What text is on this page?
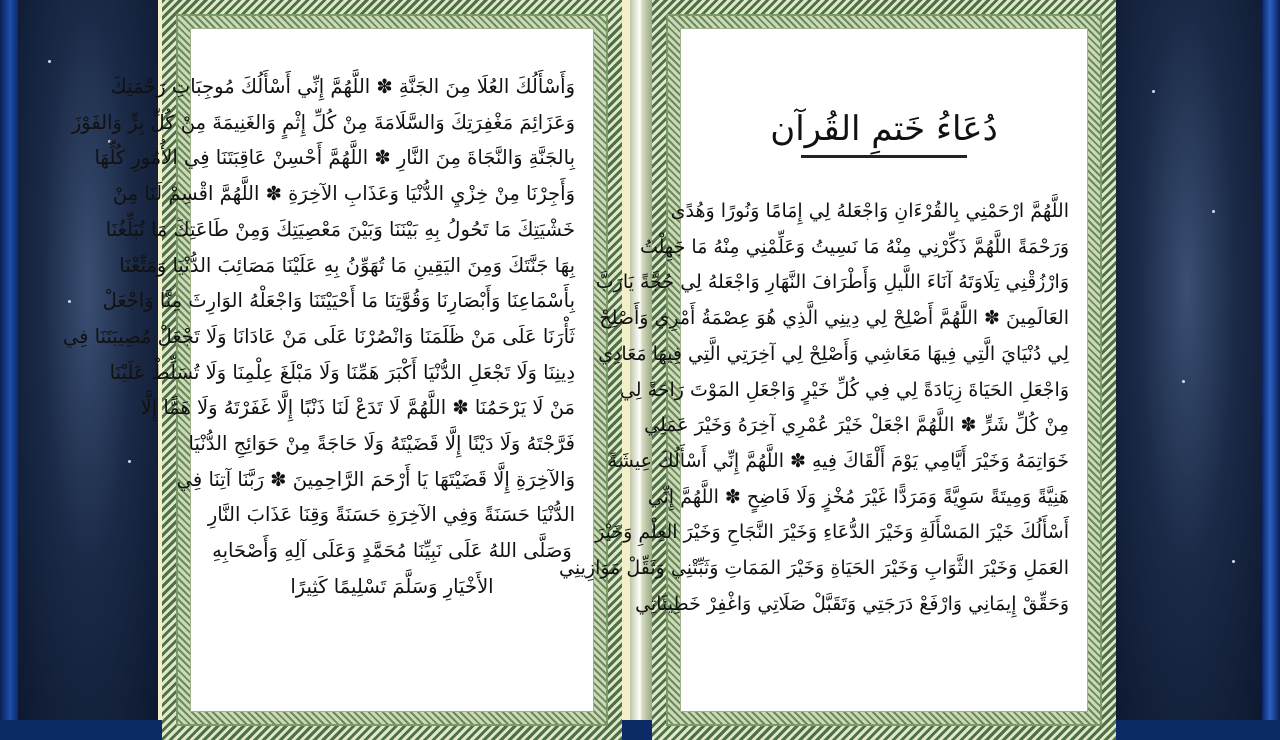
وَأَسْأَلُكَ العُلَا مِنَ الجَنَّةِ ✽ اللَّهُمَّ إِنِّي أَسْأَلُكَ مُوجِبَاتِ رَحْمَتِكَ
وَعَزَائِمَ مَغْفِرَتِكَ وَالسَّلَامَةَ مِنْ كُلِّ إِثْمٍ وَالغَنِيمَةَ مِنْ كُلِّ بِرٍّ وَالفَوْزَ
بِالجَنَّةِ وَالنَّجَاةَ مِنَ النَّارِ ✽ اللَّهُمَّ أَحْسِنْ عَاقِبَتَنَا فِي الأُمُورِ كُلِّهَا
وَأَجِرْنَا مِنْ خِزْيِ الدُّنْيَا وَعَذَابِ الآخِرَةِ ✽ اللَّهُمَّ اقْسِمْ لَنَا مِنْ
خَشْيَتِكَ مَا تَحُولُ بِهِ بَيْنَنَا وَبَيْنَ مَعْصِيَتِكَ وَمِنْ طَاعَتِكَ مَا تُبَلِّغُنَا
بِهَا جَنَّتَكَ وَمِنَ اليَقِينِ مَا تُهَوِّنُ بِهِ عَلَيْنَا مَصَائِبَ الدُّنْيَا وَمَتِّعْنَا
بِأَسْمَاعِنَا وَأَبْصَارِنَا وَقُوَّتِنَا مَا أَحْيَيْتَنَا وَاجْعَلْهُ الوَارِثَ مِنَّا وَاجْعَلْ
ثَأْرَنَا عَلَى مَنْ ظَلَمَنَا وَانْصُرْنَا عَلَى مَنْ عَادَانَا وَلَا تَجْعَلْ مُصِيبَتَنَا فِي
دِينِنَا وَلَا تَجْعَلِ الدُّنْيَا أَكْبَرَ هَمِّنَا وَلَا مَبْلَغَ عِلْمِنَا وَلَا تُسَلِّطْ عَلَيْنَا
مَنْ لَا يَرْحَمُنَا ✽ اللَّهُمَّ لَا تَدَعْ لَنَا ذَنْبًا إِلَّا غَفَرْتَهُ وَلَا هَمًّا إِلَّا
فَرَّجْتَهُ وَلَا دَيْنًا إِلَّا قَضَيْتَهُ وَلَا حَاجَةً مِنْ حَوَائِجِ الدُّنْيَا
وَالآخِرَةِ إِلَّا قَضَيْتَهَا يَا أَرْحَمَ الرَّاحِمِينَ ✽ رَبَّنَا آتِنَا فِي
الدُّنْيَا حَسَنَةً وَفِي الآخِرَةِ حَسَنَةً وَقِنَا عَذَابَ النَّارِ
وَصَلَّى اللهُ عَلَى نَبِيِّنَا مُحَمَّدٍ وَعَلَى آلِهِ وَأَصْحَابِهِ
الأَخْيَارِ وَسَلَّمَ تَسْلِيمًا كَثِيرًا
دُعَاءُ خَتمِ القُرآن
اللَّهُمَّ ارْحَمْنِي بِالقُرْءَانِ وَاجْعَلهُ لِي إِمَامًا وَنُورًا وَهُدًى
وَرَحْمَةً اللَّهُمَّ ذَكِّرْنِي مِنْهُ مَا نَسِيتُ وَعَلِّمْنِي مِنْهُ مَا جَهِلْتُ
وَارْزُقْنِي تِلَاوَتَهُ آنَاءَ اللَّيلِ وَأَطْرَافَ النَّهَارِ وَاجْعَلهُ لِي حُجَّةً يَارَبَّ
العَالَمِينَ ✽ اللَّهُمَّ أَصْلِحْ لِي دِينِي الَّذِي هُوَ عِصْمَةُ أَمْرِي وَأَصْلِحْ
لِي دُنْيَايَ الَّتِي فِيهَا مَعَاشِي وَأَصْلِحْ لِي آخِرَتِي الَّتِي فِيهَا مَعَادِي
وَاجْعَلِ الحَيَاةَ زِيَادَةً لِي فِي كُلِّ خَيْرٍ وَاجْعَلِ المَوْتَ رَاحَةً لِي
مِنْ كُلِّ شَرٍّ ✽ اللَّهُمَّ اجْعَلْ خَيْرَ عُمْرِي آخِرَهُ وَخَيْرَ عَمَلِي
خَوَاتِمَهُ وَخَيْرَ أَيَّامِي يَوْمَ أَلْقَاكَ فِيهِ ✽ اللَّهُمَّ إِنِّي أَسْأَلُكَ عِيشَةً
هَنِيَّةً وَمِيتَةً سَوِيَّةً وَمَرَدًّا غَيْرَ مُخْزٍ وَلَا فَاضِحٍ ✽ اللَّهُمَّ إِنِّي
أَسْأَلُكَ خَيْرَ المَسْأَلَةِ وَخَيْرَ الدُّعَاءِ وَخَيْرَ النَّجَاحِ وَخَيْرَ العِلْمِ وَخَيْرَ
العَمَلِ وَخَيْرَ الثَّوَابِ وَخَيْرَ الحَيَاةِ وَخَيْرَ المَمَاتِ وَثَبِّتْنِي وَثَقِّلْ مَوَازِينِي
وَحَقِّقْ إِيمَانِي وَارْفَعْ دَرَجَتِي وَتَقَبَّلْ صَلَاتِي وَاغْفِرْ خَطِيئَاتِي
